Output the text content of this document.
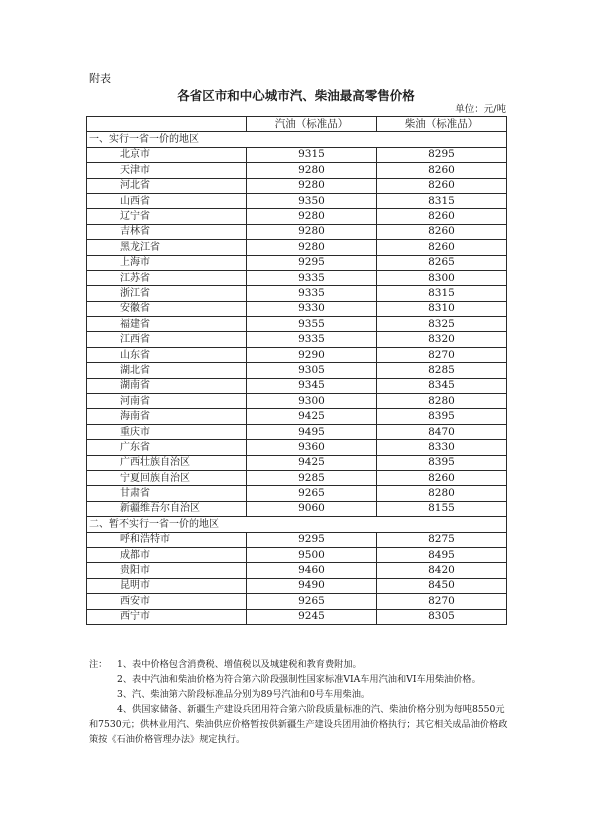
附表
各省区市和中心城市汽、柴油最高零售价格
单位：元/吨
	汽油（标准品）	柴油（标准品）
一、实行一省一价的地区		
北京市	9315	8295
天津市	9280	8260
河北省	9280	8260
山西省	9350	8315
辽宁省	9280	8260
吉林省	9280	8260
黑龙江省	9280	8260
上海市	9295	8265
江苏省	9335	8300
浙江省	9335	8315
安徽省	9330	8310
福建省	9355	8325
江西省	9335	8320
山东省	9290	8270
湖北省	9305	8285
湖南省	9345	8345
河南省	9300	8280
海南省	9425	8395
重庆市	9495	8470
广东省	9360	8330
广西壮族自治区	9425	8395
宁夏回族自治区	9285	8260
甘肃省	9265	8280
新疆维吾尔自治区	9060	8155
二、暂不实行一省一价的地区		
呼和浩特市	9295	8275
成都市	9500	8495
贵阳市	9460	8420
昆明市	9490	8450
西安市	9265	8270
西宁市	9245	8305

注： 1、表中价格包含消费税、增值税以及城建税和教育费附加。

2、表中汽油和柴油价格为符合第六阶段强制性国家标准VIA车用汽油和VI车用柴油价格。

3、汽、柴油第六阶段标准品分别为89号汽油和0号车用柴油。

4、供国家储备、新疆生产建设兵团用符合第六阶段质量标准的汽、柴油价格分别为每吨8550元和7530元；供林业用汽、柴油供应价格暂按供新疆生产建设兵团用油价格执行；其它相关成品油价格政策按《石油价格管理办法》规定执行。
